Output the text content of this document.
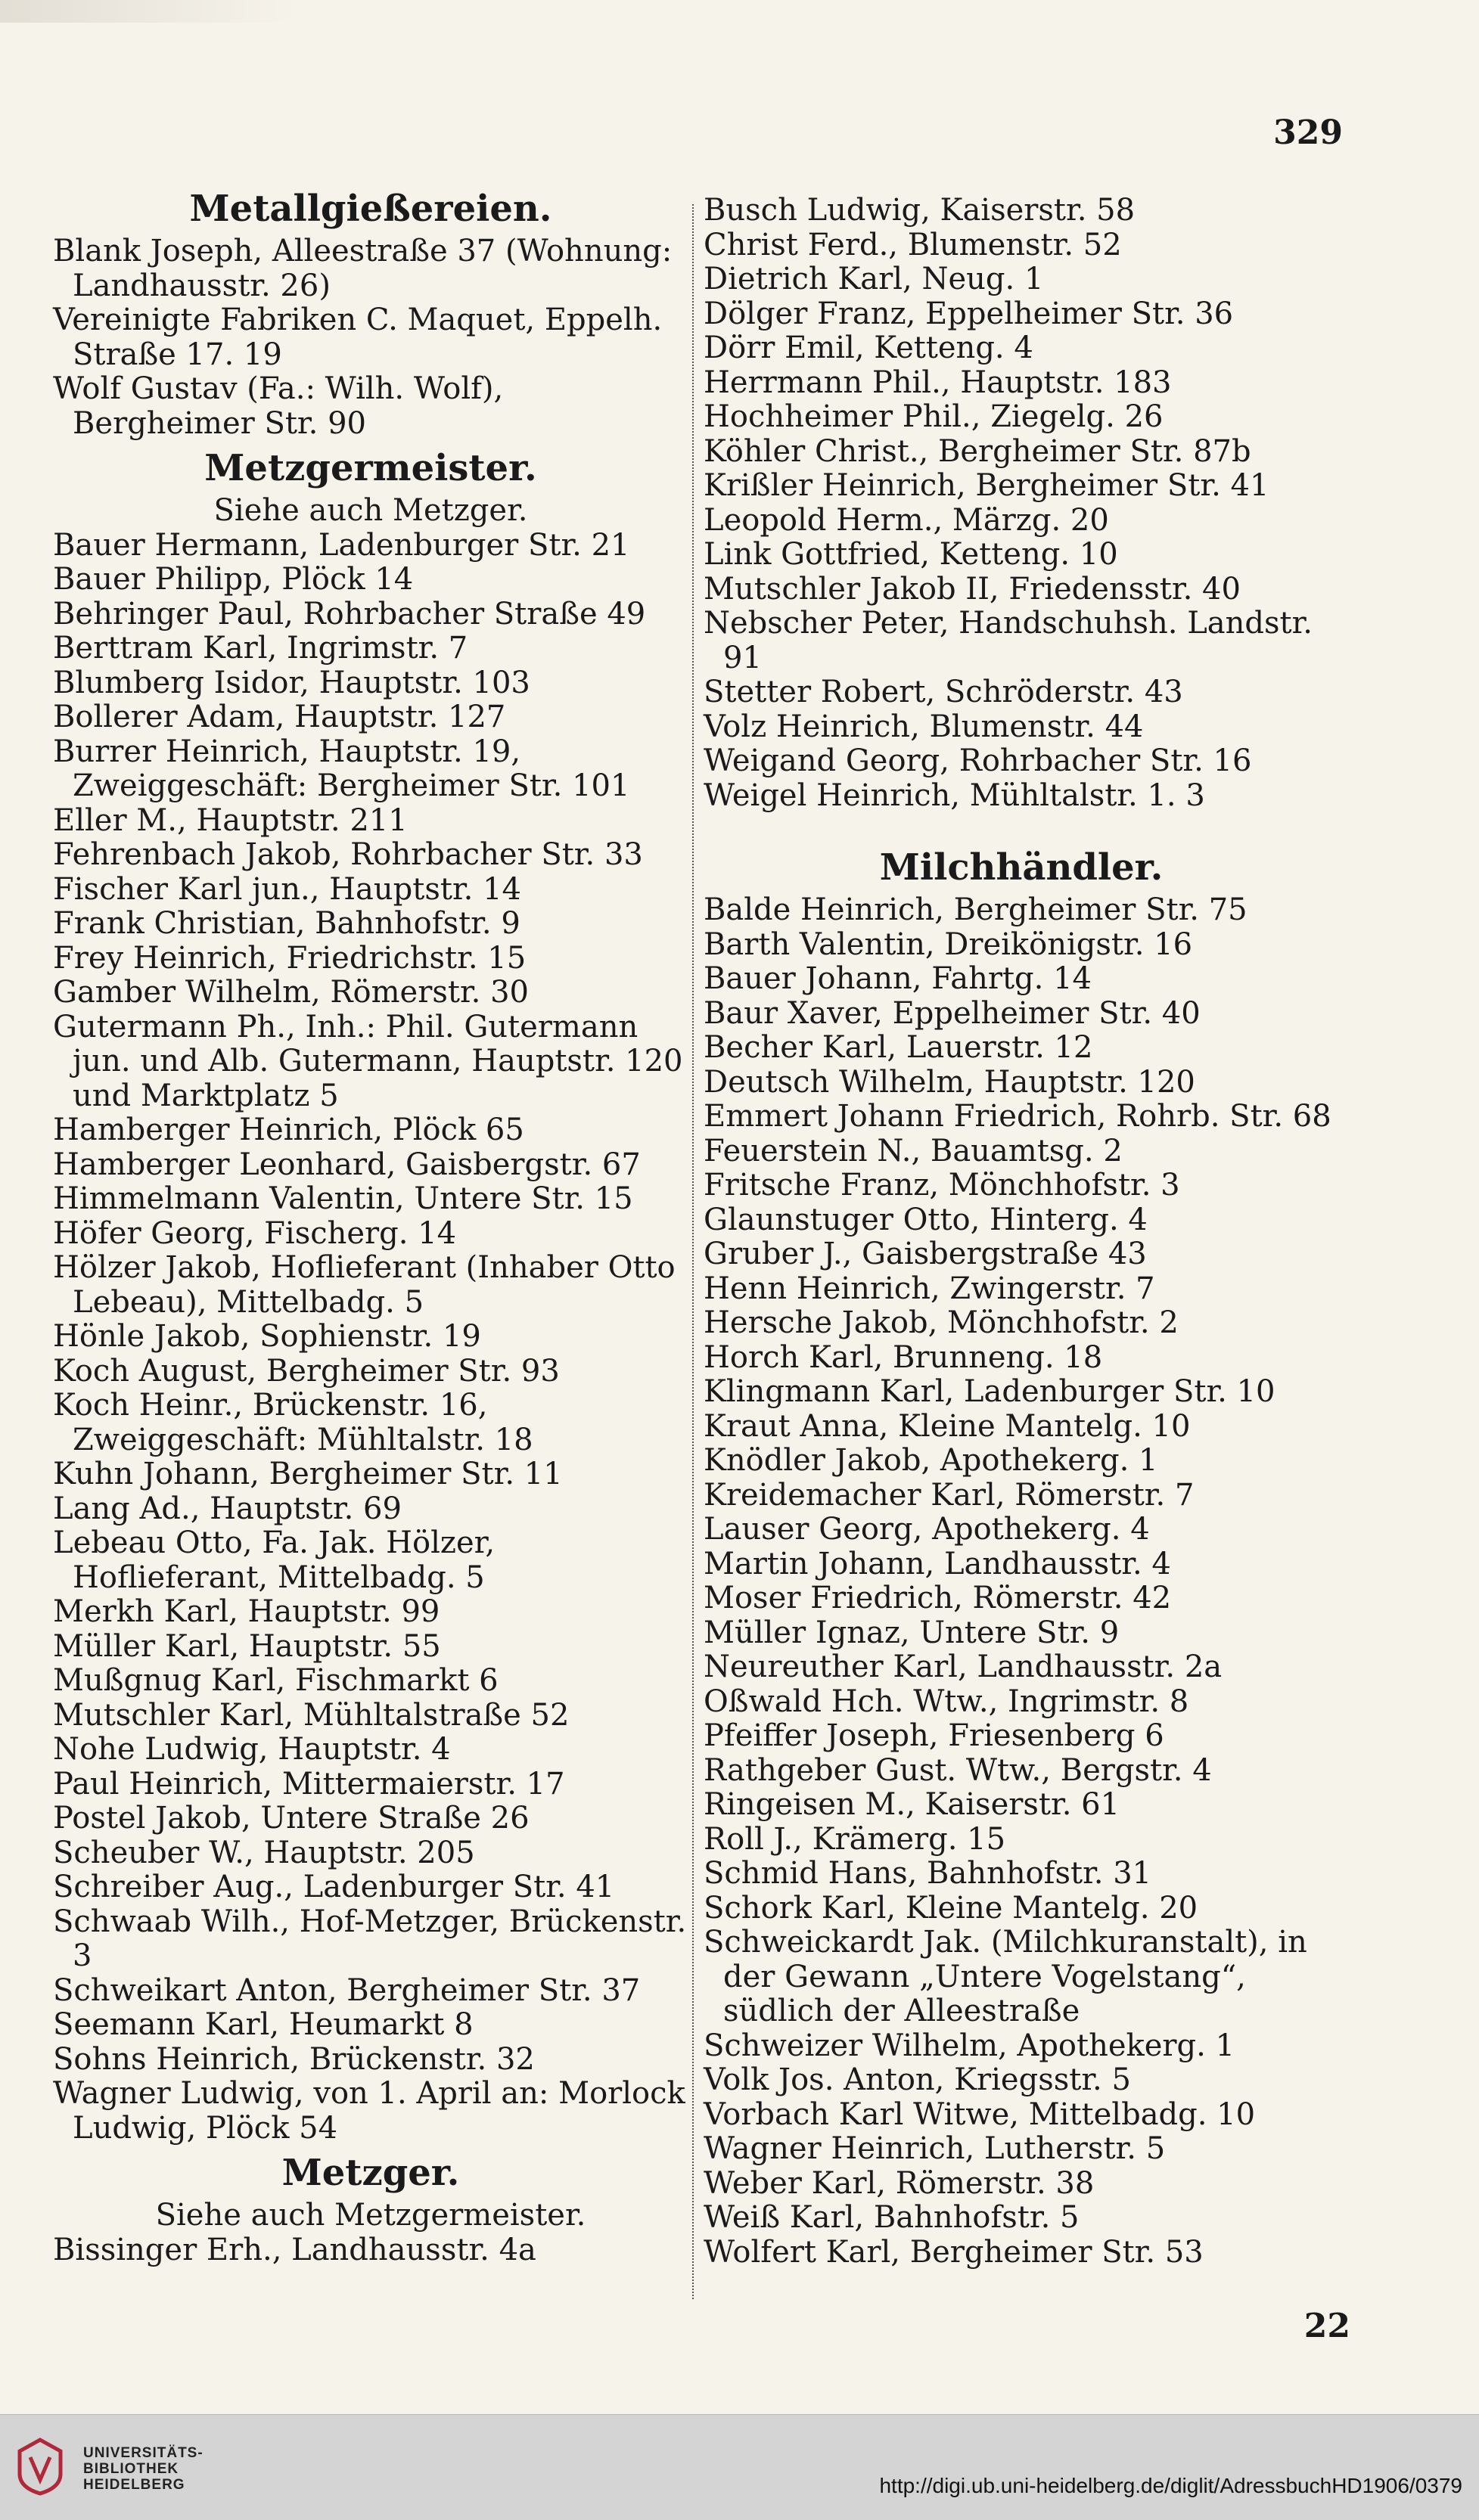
329
Metallgießereien.
Blank Joseph, Alleestraße 37 (Wohnung: Landhausstr. 26)
Vereinigte Fabriken C. Maquet, Eppelh. Straße 17. 19
Wolf Gustav (Fa.: Wilh. Wolf), Bergheimer Str. 90
Metzgermeister.
Siehe auch Metzger.
Bauer Hermann, Ladenburger Str. 21
Bauer Philipp, Plöck 14
Behringer Paul, Rohrbacher Straße 49
Berttram Karl, Ingrimstr. 7
Blumberg Isidor, Hauptstr. 103
Bollerer Adam, Hauptstr. 127
Burrer Heinrich, Hauptstr. 19, Zweiggeschäft: Bergheimer Str. 101
Eller M., Hauptstr. 211
Fehrenbach Jakob, Rohrbacher Str. 33
Fischer Karl jun., Hauptstr. 14
Frank Christian, Bahnhofstr. 9
Frey Heinrich, Friedrichstr. 15
Gamber Wilhelm, Römerstr. 30
Gutermann Ph., Inh.: Phil. Gutermann jun. und Alb. Gutermann, Hauptstr. 120 und Marktplatz 5
Hamberger Heinrich, Plöck 65
Hamberger Leonhard, Gaisbergstr. 67
Himmelmann Valentin, Untere Str. 15
Höfer Georg, Fischerg. 14
Hölzer Jakob, Hoflieferant (Inhaber Otto Lebeau), Mittelbadg. 5
Hönle Jakob, Sophienstr. 19
Koch August, Bergheimer Str. 93
Koch Heinr., Brückenstr. 16, Zweiggeschäft: Mühltalstr. 18
Kuhn Johann, Bergheimer Str. 11
Lang Ad., Hauptstr. 69
Lebeau Otto, Fa. Jak. Hölzer, Hoflieferant, Mittelbadg. 5
Merkh Karl, Hauptstr. 99
Müller Karl, Hauptstr. 55
Mußgnug Karl, Fischmarkt 6
Mutschler Karl, Mühltalstraße 52
Nohe Ludwig, Hauptstr. 4
Paul Heinrich, Mittermaierstr. 17
Postel Jakob, Untere Straße 26
Scheuber W., Hauptstr. 205
Schreiber Aug., Ladenburger Str. 41
Schwaab Wilh., Hof-Metzger, Brückenstr. 3
Schweikart Anton, Bergheimer Str. 37
Seemann Karl, Heumarkt 8
Sohns Heinrich, Brückenstr. 32
Wagner Ludwig, von 1. April an: Morlock Ludwig, Plöck 54
Metzger.
Siehe auch Metzgermeister.
Bissinger Erh., Landhausstr. 4a
Busch Ludwig, Kaiserstr. 58
Christ Ferd., Blumenstr. 52
Dietrich Karl, Neug. 1
Dölger Franz, Eppelheimer Str. 36
Dörr Emil, Ketteng. 4
Herrmann Phil., Hauptstr. 183
Hochheimer Phil., Ziegelg. 26
Köhler Christ., Bergheimer Str. 87b
Krißler Heinrich, Bergheimer Str. 41
Leopold Herm., Märzg. 20
Link Gottfried, Ketteng. 10
Mutschler Jakob II, Friedensstr. 40
Nebscher Peter, Handschuhsh. Landstr. 91
Stetter Robert, Schröderstr. 43
Volz Heinrich, Blumenstr. 44
Weigand Georg, Rohrbacher Str. 16
Weigel Heinrich, Mühltalstr. 1. 3
Milchhändler.
Balde Heinrich, Bergheimer Str. 75
Barth Valentin, Dreikönigstr. 16
Bauer Johann, Fahrtg. 14
Baur Xaver, Eppelheimer Str. 40
Becher Karl, Lauerstr. 12
Deutsch Wilhelm, Hauptstr. 120
Emmert Johann Friedrich, Rohrb. Str. 68
Feuerstein N., Bauamtsg. 2
Fritsche Franz, Mönchhofstr. 3
Glaunstuger Otto, Hinterg. 4
Gruber J., Gaisbergstraße 43
Henn Heinrich, Zwingerstr. 7
Hersche Jakob, Mönchhofstr. 2
Horch Karl, Brunneng. 18
Klingmann Karl, Ladenburger Str. 10
Kraut Anna, Kleine Mantelg. 10
Knödler Jakob, Apothekerg. 1
Kreidemacher Karl, Römerstr. 7
Lauser Georg, Apothekerg. 4
Martin Johann, Landhausstr. 4
Moser Friedrich, Römerstr. 42
Müller Ignaz, Untere Str. 9
Neureuther Karl, Landhausstr. 2a
Oßwald Hch. Wtw., Ingrimstr. 8
Pfeiffer Joseph, Friesenberg 6
Rathgeber Gust. Wtw., Bergstr. 4
Ringeisen M., Kaiserstr. 61
Roll J., Krämerg. 15
Schmid Hans, Bahnhofstr. 31
Schork Karl, Kleine Mantelg. 20
Schweickardt Jak. (Milchkuranstalt), in der Gewann „Untere Vogelstang“, südlich der Alleestraße
Schweizer Wilhelm, Apothekerg. 1
Volk Jos. Anton, Kriegsstr. 5
Vorbach Karl Witwe, Mittelbadg. 10
Wagner Heinrich, Lutherstr. 5
Weber Karl, Römerstr. 38
Weiß Karl, Bahnhofstr. 5
Wolfert Karl, Bergheimer Str. 53
22
UNIVERSITÄTS-
BIBLIOTHEK
HEIDELBERG	http://digi.ub.uni-heidelberg.de/diglit/AdressbuchHD1906/0379
